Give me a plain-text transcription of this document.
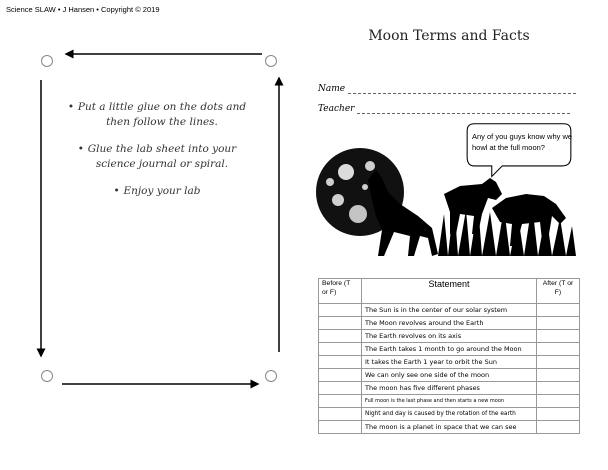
Science SLAW • J Hansen • Copyright © 2019
• Put a little glue on the dots and
then follow the lines.
• Glue the lab sheet into your
science journal or spiral.
• Enjoy your lab
Moon Terms and Facts
Name
Teacher
Any of you guys know why we howl at the full moon?
Before (T or F)	Statement	After (T or F)
	The Sun is in the center of our solar system	
	The Moon revolves around the Earth	
	The Earth revolves on its axis	
	The Earth takes 1 month to go around the Moon	
	It takes the Earth 1 year to orbit the Sun	
	We can only see one side of the moon	
	The moon has five different phases	
	Full moon is the last phase and then starts a new moon	
	Night and day is caused by the rotation of the earth	
	The moon is a planet in space that we can see	
